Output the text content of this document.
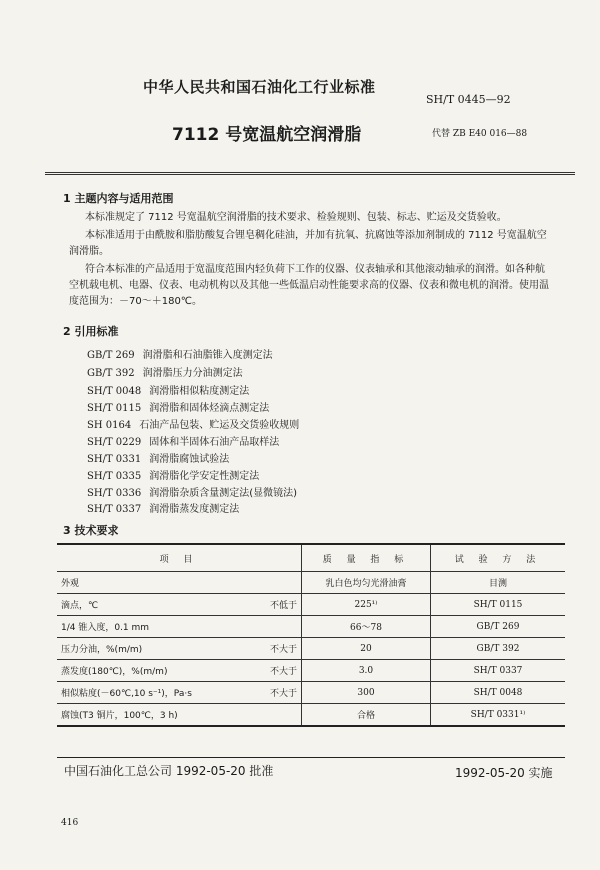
中华人民共和国石油化工行业标准
SH/T 0445—92
7112 号宽温航空润滑脂	代替 ZB E40 016—88
1 主题内容与适用范围
本标准规定了 7112 号宽温航空润滑脂的技术要求、检验规则、包装、标志、贮运及交货验收。
本标准适用于由酰胺和脂肪酸复合锂皂稠化硅油，并加有抗氧、抗腐蚀等添加剂制成的 7112 号宽温航空润滑脂。
符合本标准的产品适用于宽温度范围内轻负荷下工作的仪器、仪表轴承和其他滚动轴承的润滑。如各种航空机载电机、电器、仪表、电动机构以及其他一些低温启动性能要求高的仪器、仪表和微电机的润滑。使用温度范围为：－70～＋180℃。
2 引用标准
GB/T 269 润滑脂和石油脂锥入度测定法
GB/T 392 润滑脂压力分油测定法
SH/T 0048 润滑脂相似粘度测定法
SH/T 0115 润滑脂和固体烃滴点测定法
SH 0164 石油产品包装、贮运及交货验收规则
SH/T 0229 固体和半固体石油产品取样法
SH/T 0331 润滑脂腐蚀试验法
SH/T 0335 润滑脂化学安定性测定法
SH/T 0336 润滑脂杂质含量测定法(显微镜法)
SH/T 0337 润滑脂蒸发度测定法
3 技术要求
项 目	质 量 指 标	试 验 方 法
外观	乳白色均匀光滑油膏	目测
滴点，℃ 不低于	225¹⁾	SH/T 0115
1/4 锥入度，0.1 mm	66～78	GB/T 269
压力分油，%(m/m) 不大于	20	GB/T 392
蒸发度(180℃)，%(m/m) 不大于	3.0	SH/T 0337
相似粘度(－60℃,10 s⁻¹)，Pa·s 不大于	300	SH/T 0048
腐蚀(T3 铜片，100℃，3 h)	合格	SH/T 0331¹⁾
中国石油化工总公司 1992-05-20 批准	1992-05-20 实施
416
